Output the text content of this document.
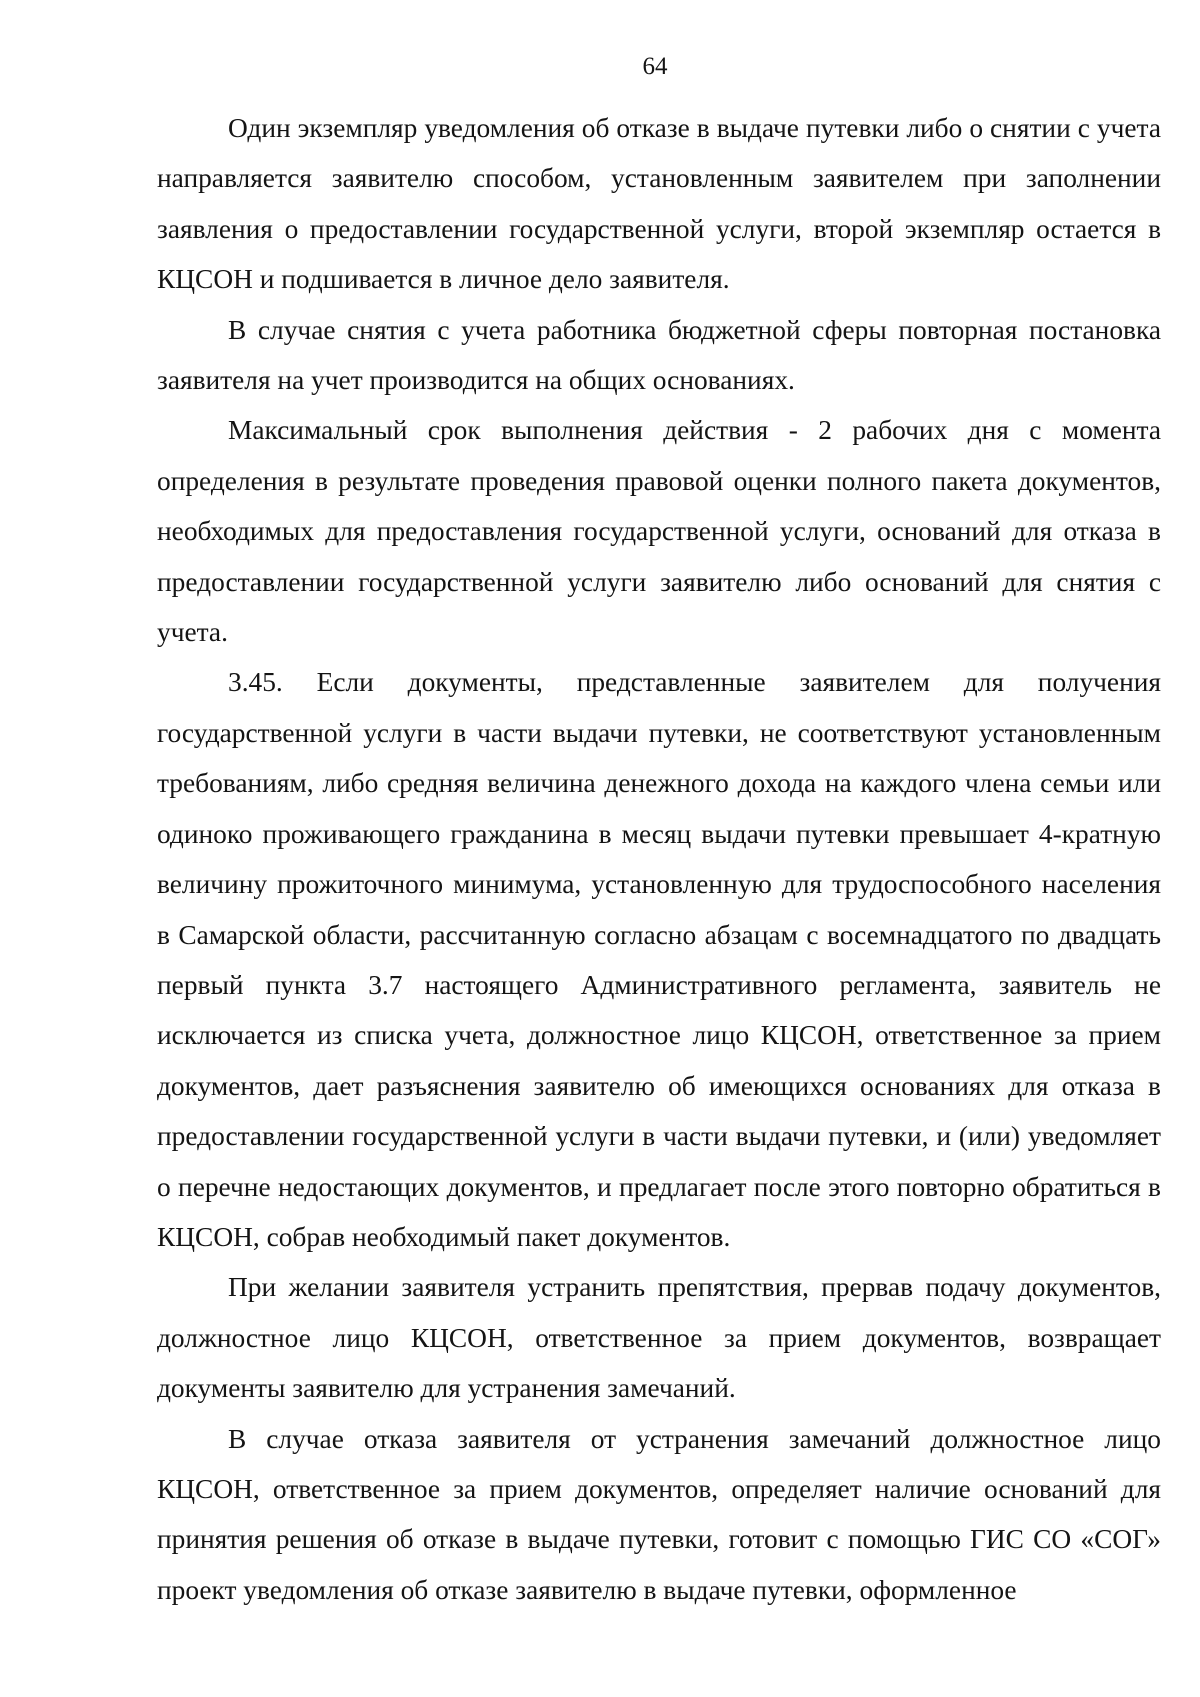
64

Один экземпляр уведомления об отказе в выдаче путевки либо о снятии с учета направляется заявителю способом, установленным заявителем при заполнении заявления о предоставлении государственной услуги, второй экземпляр остается в КЦСОН и подшивается в личное дело заявителя.

В случае снятия с учета работника бюджетной сферы повторная постановка заявителя на учет производится на общих основаниях.

Максимальный срок выполнения действия - 2 рабочих дня с момента определения в результате проведения правовой оценки полного пакета документов, необходимых для предоставления государственной услуги, оснований для отказа в предоставлении государственной услуги заявителю либо оснований для снятия с учета.

3.45. Если документы, представленные заявителем для получения государственной услуги в части выдачи путевки, не соответствуют установленным требованиям, либо средняя величина денежного дохода на каждого члена семьи или одиноко проживающего гражданина в месяц выдачи путевки превышает 4-кратную величину прожиточного минимума, установленную для трудоспособного населения в Самарской области, рассчитанную согласно абзацам с восемнадцатого по двадцать первый пункта 3.7 настоящего Административного регламента, заявитель не исключается из списка учета, должностное лицо КЦСОН, ответственное за прием документов, дает разъяснения заявителю об имеющихся основаниях для отказа в предоставлении государственной услуги в части выдачи путевки, и (или) уведомляет о перечне недостающих документов, и предлагает после этого повторно обратиться в КЦСОН, собрав необходимый пакет документов.

При желании заявителя устранить препятствия, прервав подачу документов, должностное лицо КЦСОН, ответственное за прием документов, возвращает документы заявителю для устранения замечаний.

В случае отказа заявителя от устранения замечаний должностное лицо КЦСОН, ответственное за прием документов, определяет наличие оснований для принятия решения об отказе в выдаче путевки, готовит с помощью ГИС СО «СОГ» проект уведомления об отказе заявителю в выдаче путевки, оформленное
